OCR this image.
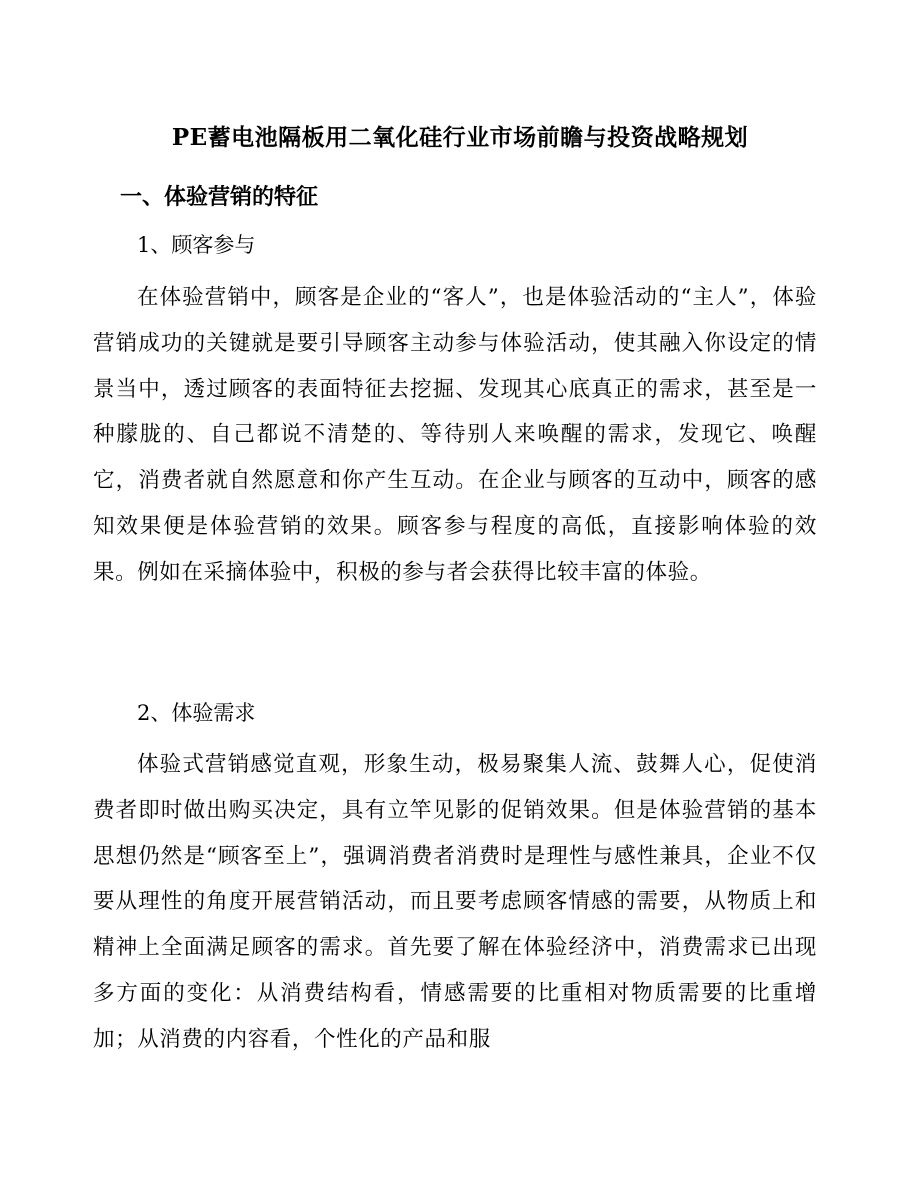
PE蓄电池隔板用二氧化硅行业市场前瞻与投资战略规划
一、体验营销的特征
1、顾客参与
在体验营销中，顾客是企业的“客人”，也是体验活动的“主人”，体验营销成功的关键就是要引导顾客主动参与体验活动，使其融入你设定的情景当中，透过顾客的表面特征去挖掘、发现其心底真正的需求，甚至是一种朦胧的、自己都说不清楚的、等待别人来唤醒的需求，发现它、唤醒它，消费者就自然愿意和你产生互动。在企业与顾客的互动中，顾客的感知效果便是体验营销的效果。顾客参与程度的高低，直接影响体验的效果。例如在采摘体验中，积极的参与者会获得比较丰富的体验。
2、体验需求
体验式营销感觉直观，形象生动，极易聚集人流、鼓舞人心，促使消费者即时做出购买决定，具有立竿见影的促销效果。但是体验营销的基本思想仍然是“顾客至上”，强调消费者消费时是理性与感性兼具，企业不仅要从理性的角度开展营销活动，而且要考虑顾客情感的需要，从物质上和精神上全面满足顾客的需求。首先要了解在体验经济中，消费需求已出现多方面的变化：从消费结构看，情感需要的比重相对物质需要的比重增加；从消费的内容看，个性化的产品和服
